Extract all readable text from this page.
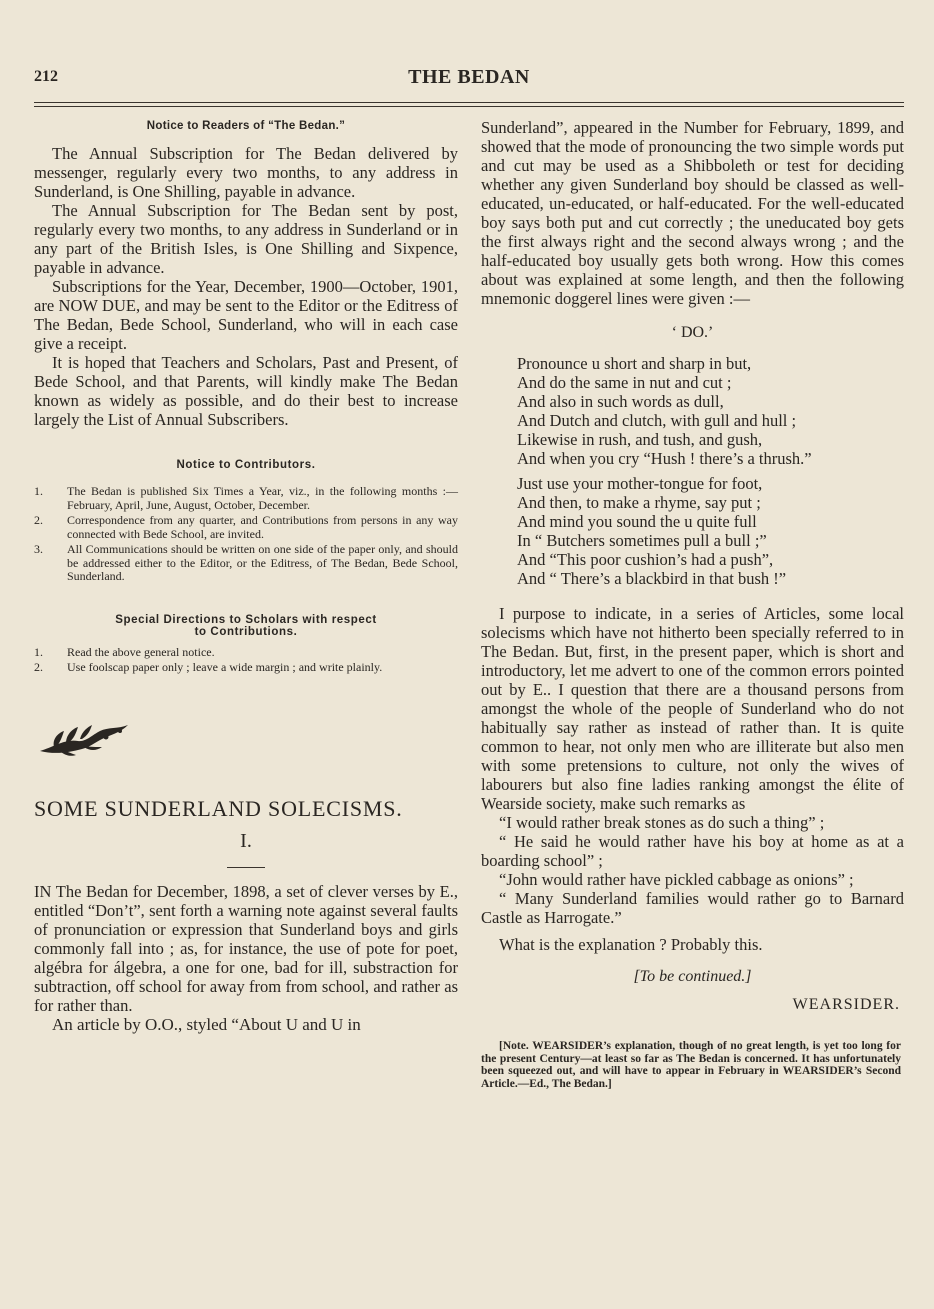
212	THE BEDAN

Notice to Readers of “The Bedan.”

The Annual Subscription for The Bedan delivered by messenger, regularly every two months, to any address in Sunderland, is One Shilling, payable in advance.

The Annual Subscription for The Bedan sent by post, regularly every two months, to any address in Sunderland or in any part of the British Isles, is One Shilling and Sixpence, payable in advance.

Subscriptions for the Year, December, 1900—October, 1901, are NOW DUE, and may be sent to the Editor or the Editress of The Bedan, Bede School, Sunderland, who will in each case give a receipt.

It is hoped that Teachers and Scholars, Past and Present, of Bede School, and that Parents, will kindly make The Bedan known as widely as possible, and do their best to increase largely the List of Annual Subscribers.

Notice to Contributors.

1. The Bedan is published Six Times a Year, viz., in the following months :—February, April, June, August, October, December.
2. Correspondence from any quarter, and Contributions from persons in any way connected with Bede School, are invited.
3. All Communications should be written on one side of the paper only, and should be addressed either to the Editor, or the Editress, of The Bedan, Bede School, Sunderland.

Special Directions to Scholars with respect

to Contributions.

1. Read the above general notice.
2. Use foolscap paper only ; leave a wide margin ; and write plainly.

SOME SUNDERLAND SOLECISMS.

I.

IN The Bedan for December, 1898, a set of clever verses by E., entitled “Don’t”, sent forth a warning note against several faults of pronunciation or expression that Sunderland boys and girls commonly fall into ; as, for instance, the use of pote for poet, algébra for álgebra, a one for one, bad for ill, substraction for subtraction, off school for away from from school, and rather as for rather than.

An article by O.O., styled “About U and U in

Sunderland”, appeared in the Number for February, 1899, and showed that the mode of pronouncing the two simple words put and cut may be used as a Shibboleth or test for deciding whether any given Sunderland boy should be classed as well-educated, un-educated, or half-educated. For the well-educated boy says both put and cut correctly ; the uneducated boy gets the first always right and the second always wrong ; and the half-educated boy usually gets both wrong. How this comes about was explained at some length, and then the following mnemonic doggerel lines were given :—

‘ DO.’

Pronounce u short and sharp in but,
And do the same in nut and cut ;
And also in such words as dull,
And Dutch and clutch, with gull and hull ;
Likewise in rush, and tush, and gush,
And when you cry “Hush ! there’s a thrush.”
Just use your mother-tongue for foot,
And then, to make a rhyme, say put ;
And mind you sound the u quite full
In “ Butchers sometimes pull a bull ;”
And “This poor cushion’s had a push”,
And “ There’s a blackbird in that bush !”

I purpose to indicate, in a series of Articles, some local solecisms which have not hitherto been specially referred to in The Bedan. But, first, in the present paper, which is short and introductory, let me advert to one of the common errors pointed out by E.. I question that there are a thousand persons from amongst the whole of the people of Sunderland who do not habitually say rather as instead of rather than. It is quite common to hear, not only men who are illiterate but also men with some pretensions to culture, not only the wives of labourers but also fine ladies ranking amongst the élite of Wearside society, make such remarks as

“I would rather break stones as do such a thing” ;

“ He said he would rather have his boy at home as at a boarding school” ;

“John would rather have pickled cabbage as onions” ;

“ Many Sunderland families would rather go to Barnard Castle as Harrogate.”

What is the explanation ? Probably this.

[To be continued.]

WEARSIDER.

[Note. WEARSIDER’s explanation, though of no great length, is yet too long for the present Century—at least so far as The Bedan is concerned. It has unfortunately been squeezed out, and will have to appear in February in WEARSIDER’s Second Article.—Ed., The Bedan.]
